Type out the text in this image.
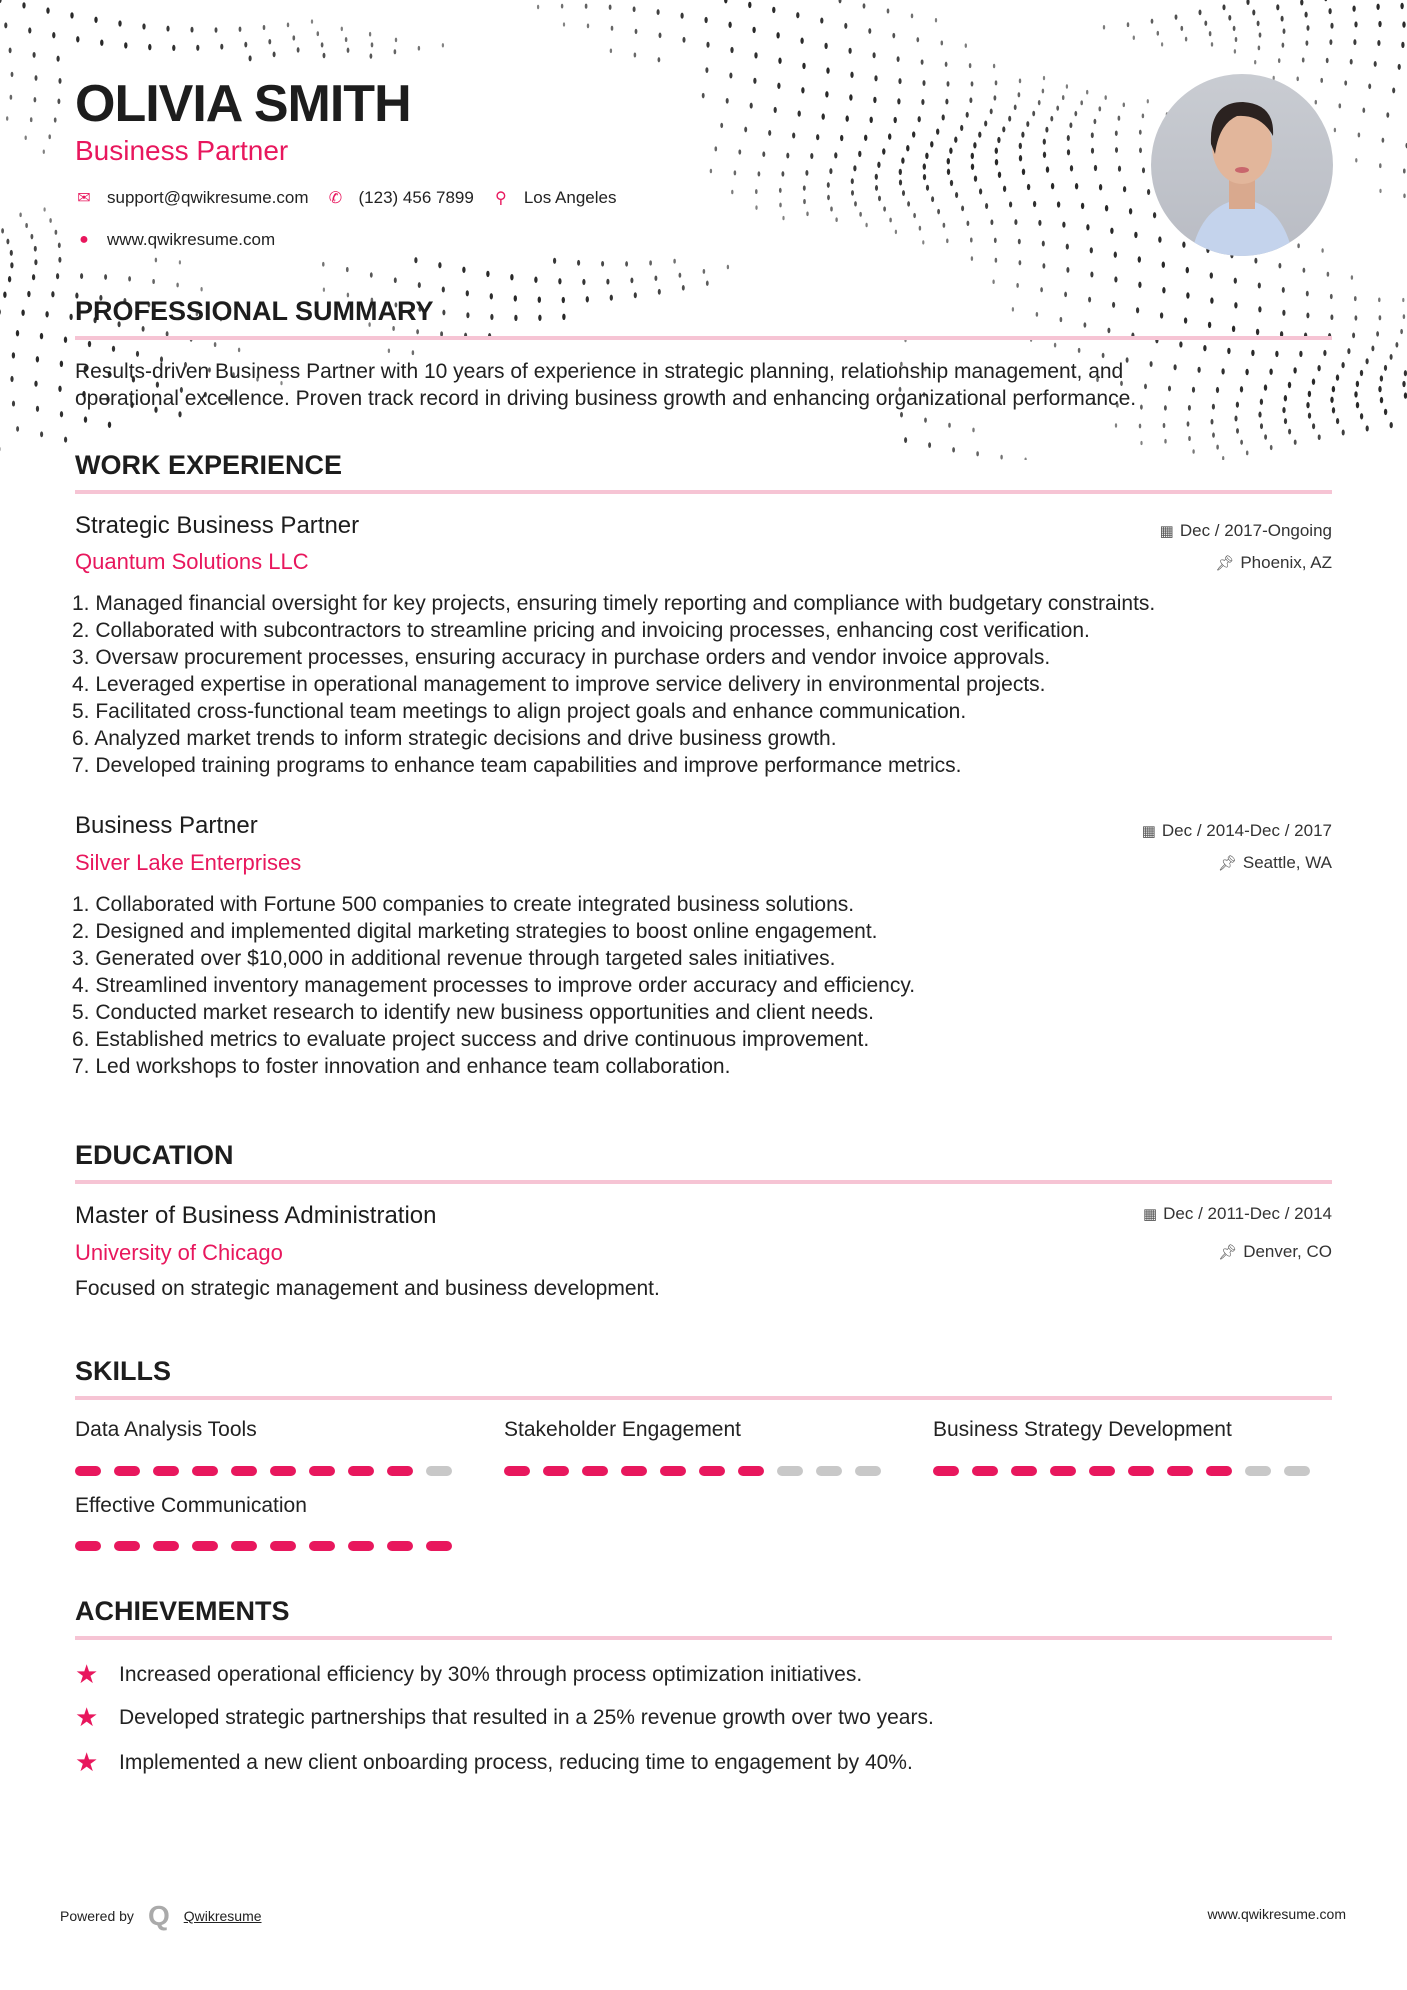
OLIVIA SMITH
Business Partner
✉ support@qwikresume.com ✆ (123) 456 7899 ⚲ Los Angeles
● www.qwikresume.com
PROFESSIONAL SUMMARY
Results-driven Business Partner with 10 years of experience in strategic planning, relationship management, and
operational excellence. Proven track record in driving business growth and enhancing organizational performance.
WORK EXPERIENCE
Strategic Business Partner	▦ Dec / 2017-Ongoing
Quantum Solutions LLC	📌︎ Phoenix, AZ
1. Managed financial oversight for key projects, ensuring timely reporting and compliance with budgetary constraints.
2. Collaborated with subcontractors to streamline pricing and invoicing processes, enhancing cost verification.
3. Oversaw procurement processes, ensuring accuracy in purchase orders and vendor invoice approvals.
4. Leveraged expertise in operational management to improve service delivery in environmental projects.
5. Facilitated cross-functional team meetings to align project goals and enhance communication.
6. Analyzed market trends to inform strategic decisions and drive business growth.
7. Developed training programs to enhance team capabilities and improve performance metrics.
Business Partner	▦ Dec / 2014-Dec / 2017
Silver Lake Enterprises	📌︎ Seattle, WA
1. Collaborated with Fortune 500 companies to create integrated business solutions.
2. Designed and implemented digital marketing strategies to boost online engagement.
3. Generated over $10,000 in additional revenue through targeted sales initiatives.
4. Streamlined inventory management processes to improve order accuracy and efficiency.
5. Conducted market research to identify new business opportunities and client needs.
6. Established metrics to evaluate project success and drive continuous improvement.
7. Led workshops to foster innovation and enhance team collaboration.
EDUCATION
Master of Business Administration	▦ Dec / 2011-Dec / 2014
University of Chicago	📌︎ Denver, CO
Focused on strategic management and business development.
SKILLS
Data Analysis Tools	Stakeholder Engagement	Business Strategy Development
Effective Communication
ACHIEVEMENTS
★ Increased operational efficiency by 30% through process optimization initiatives.
★ Developed strategic partnerships that resulted in a 25% revenue growth over two years.
★ Implemented a new client onboarding process, reducing time to engagement by 40%.
Powered by Q Qwikresume	www.qwikresume.com
